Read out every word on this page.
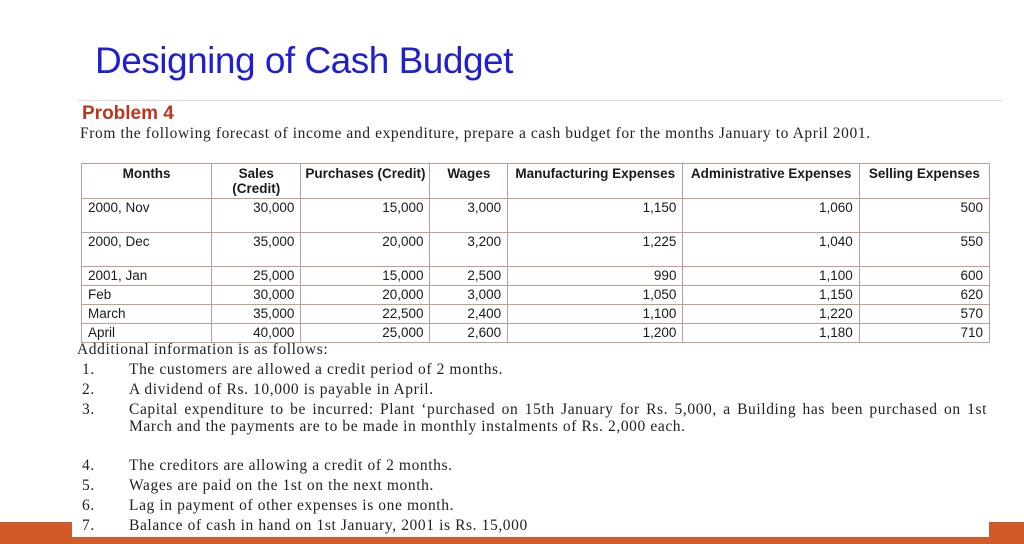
Designing of Cash Budget
Problem 4
From the following forecast of income and expenditure, prepare a cash budget for the months January to April 2001.
Months	Sales (Credit)	Purchases (Credit)	Wages	Manufacturing Expenses	Administrative Expenses	Selling Expenses
2000, Nov	30,000	15,000	3,000	1,150	1,060	500
2000, Dec	35,000	20,000	3,200	1,225	1,040	550
2001, Jan	25,000	15,000	2,500	990	1,100	600
Feb	30,000	20,000	3,000	1,050	1,150	620
March	35,000	22,500	2,400	1,100	1,220	570
April	40,000	25,000	2,600	1,200	1,180	710
Additional information is as follows:
1.	The customers are allowed a credit period of 2 months.
2.	A dividend of Rs. 10,000 is payable in April.
3.	Capital expenditure to be incurred: Plant ‘purchased on 15th January for Rs. 5,000, a Building has been purchased on 1st March and the payments are to be made in monthly instalments of Rs. 2,000 each.
4.	The creditors are allowing a credit of 2 months.
5.	Wages are paid on the 1st on the next month.
6.	Lag in payment of other expenses is one month.
7.	Balance of cash in hand on 1st January, 2001 is Rs. 15,000
